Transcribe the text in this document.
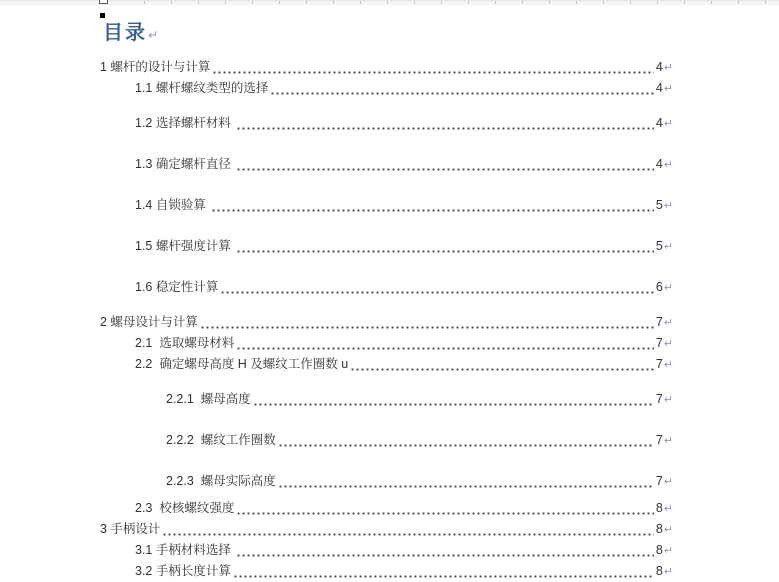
目录↵
1 螺杆的设计与计算	4 ↵
1.1 螺杆螺纹类型的选择	4 ↵
1.2 选择螺杆材料	4 ↵
1.3 确定螺杆直径	4 ↵
1.4 自锁验算	5 ↵
1.5 螺杆强度计算	5 ↵
1.6 稳定性计算	6 ↵
2 螺母设计与计算	7 ↵
2.1  选取螺母材料	7 ↵
2.2  确定螺母高度 H 及螺纹工作圈数 u	7 ↵
2.2.1  螺母高度	7 ↵
2.2.2  螺纹工作圈数	7 ↵
2.2.3  螺母实际高度	7 ↵
2.3  校核螺纹强度	8 ↵
3 手柄设计	8 ↵
3.1 手柄材料选择	8 ↵
3.2 手柄长度计算	8 ↵
